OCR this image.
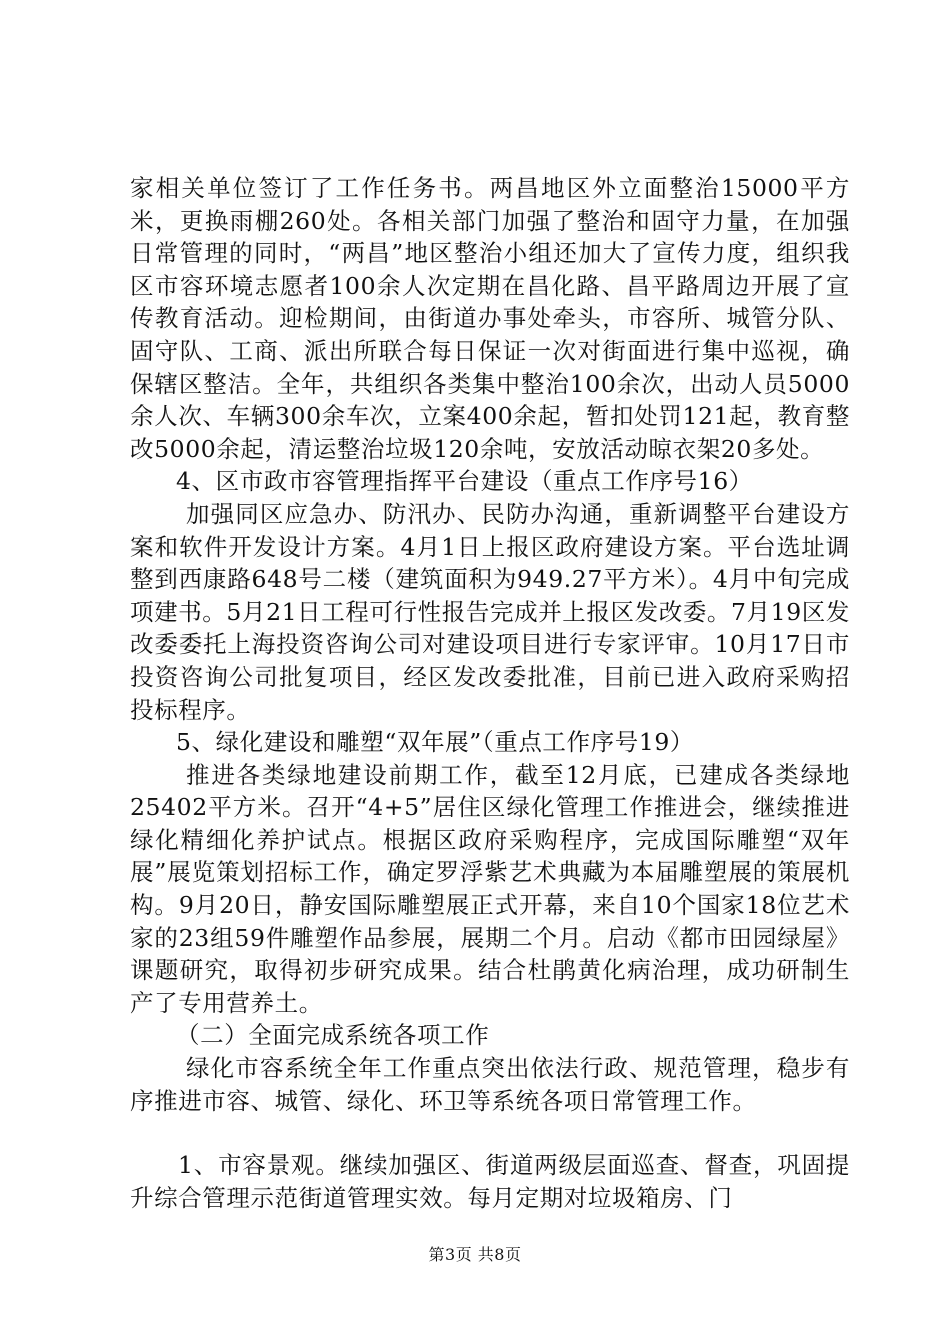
家相关单位签订了工作任务书。两昌地区外立面整治15000平方米，更换雨棚260处。各相关部门加强了整治和固守力量，在加强日常管理的同时，“两昌”地区整治小组还加大了宣传力度，组织我区市容环境志愿者100余人次定期在昌化路、昌平路周边开展了宣传教育活动。迎检期间，由街道办事处牵头，市容所、城管分队、固守队、工商、派出所联合每日保证一次对街面进行集中巡视，确保辖区整洁。全年，共组织各类集中整治100余次，出动人员5000余人次、车辆300余车次，立案400余起，暂扣处罚121起，教育整改5000余起，清运整治垃圾120余吨，安放活动晾衣架20多处。

4、区市政市容管理指挥平台建设（重点工作序号16）

加强同区应急办、防汛办、民防办沟通，重新调整平台建设方案和软件开发设计方案。4月1日上报区政府建设方案。平台选址调整到西康路648号二楼（建筑面积为949.27平方米）。4月中旬完成项建书。5月21日工程可行性报告完成并上报区发改委。7月19区发改委委托上海投资咨询公司对建设项目进行专家评审。10月17日市投资咨询公司批复项目，经区发改委批准，目前已进入政府采购招投标程序。

5、绿化建设和雕塑“双年展”（重点工作序号19）

推进各类绿地建设前期工作，截至12月底，已建成各类绿地25402平方米。召开“4+5”居住区绿化管理工作推进会，继续推进绿化精细化养护试点。根据区政府采购程序，完成国际雕塑“双年展”展览策划招标工作，确定罗浮紫艺术典藏为本届雕塑展的策展机构。9月20日，静安国际雕塑展正式开幕，来自10个国家18位艺术家的23组59件雕塑作品参展，展期二个月。启动《都市田园绿屋》课题研究，取得初步研究成果。结合杜鹃黄化病治理，成功研制生产了专用营养土。

（二）全面完成系统各项工作

绿化市容系统全年工作重点突出依法行政、规范管理，稳步有序推进市容、城管、绿化、环卫等系统各项日常管理工作。

1、市容景观。继续加强区、街道两级层面巡查、督查，巩固提升综合管理示范街道管理实效。每月定期对垃圾箱房、门

第3页 共8页
